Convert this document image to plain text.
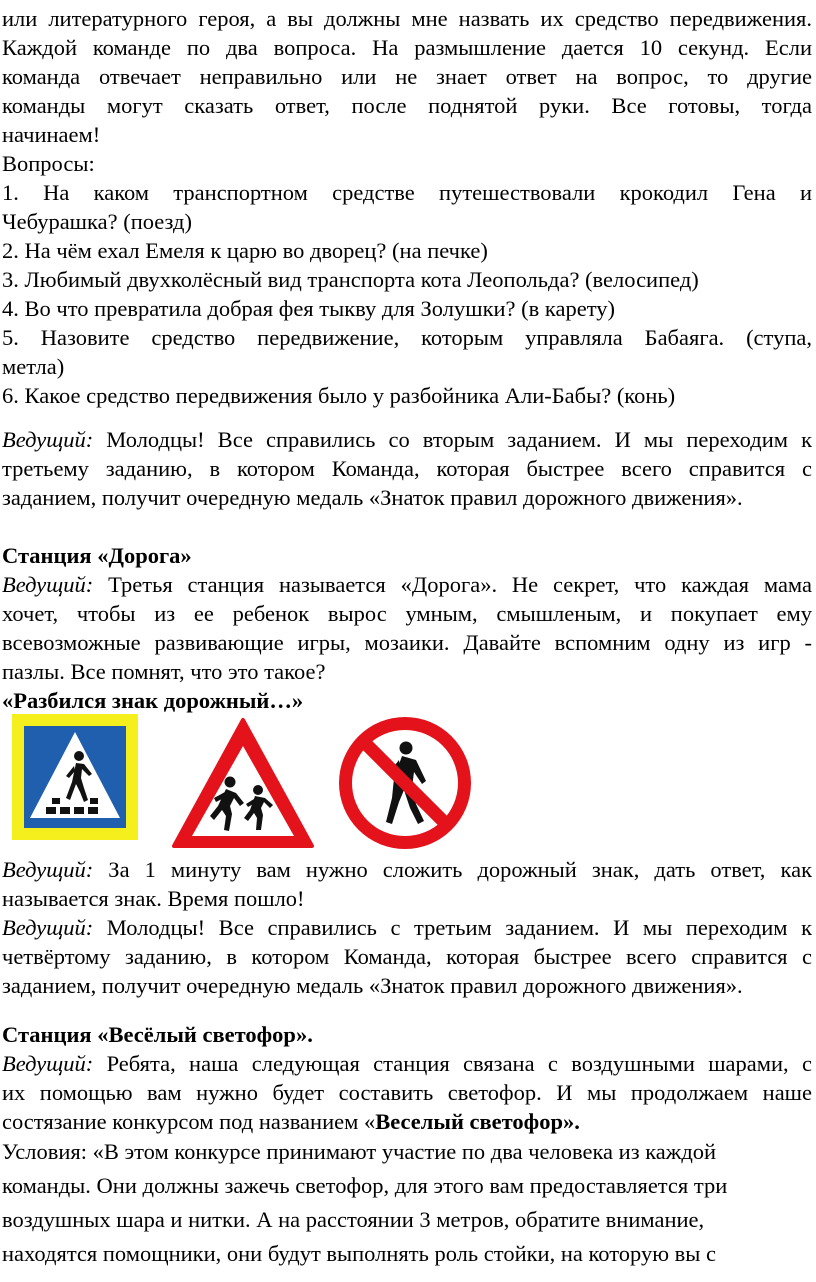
или литературного героя, а вы должны мне назвать их средство передвижения.
Каждой команде по два вопроса. На размышление дается 10 секунд. Если
команда отвечает неправильно или не знает ответ на вопрос, то другие
команды могут сказать ответ, после поднятой руки. Все готовы, тогда
начинаем!
Вопросы:
1. На каком транспортном средстве путешествовали крокодил Гена и
Чебурашка? (поезд)
2. На чём ехал Емеля к царю во дворец? (на печке)
3. Любимый двухколёсный вид транспорта кота Леопольда? (велосипед)
4. Во что превратила добрая фея тыкву для Золушки? (в карету)
5. Назовите средство передвижение, которым управляла Бабаяга. (ступа,
метла)
6. Какое средство передвижения было у разбойника Али-Бабы? (конь)
Ведущий: Молодцы! Все справились со вторым заданием. И мы переходим к
третьему заданию, в котором Команда, которая быстрее всего справится с
заданием, получит очередную медаль «Знаток правил дорожного движения».
Станция «Дорога»
Ведущий: Третья станция называется «Дорога». Не секрет, что каждая мама
хочет, чтобы из ее ребенок вырос умным, смышленым, и покупает ему
всевозможные развивающие игры, мозаики. Давайте вспомним одну из игр -
пазлы. Все помнят, что это такое?
«Разбился знак дорожный…»
Ведущий: За 1 минуту вам нужно сложить дорожный знак, дать ответ, как
называется знак. Время пошло!
Ведущий: Молодцы! Все справились с третьим заданием. И мы переходим к
четвёртому заданию, в котором Команда, которая быстрее всего справится с
заданием, получит очередную медаль «Знаток правил дорожного движения».
Станция «Весёлый светофор».
Ведущий: Ребята, наша следующая станция связана с воздушными шарами, с
их помощью вам нужно будет составить светофор. И мы продолжаем наше
состязание конкурсом под названием «Веселый светофор».
Условия: «В этом конкурсе принимают участие по два человека из каждой
команды. Они должны зажечь светофор, для этого вам предоставляется три
воздушных шара и нитки. А на расстоянии 3 метров, обратите внимание,
находятся помощники, они будут выполнять роль стойки, на которую вы с
